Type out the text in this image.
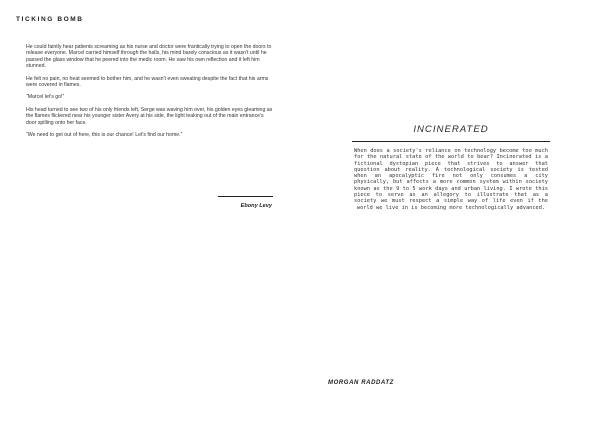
TICKING BOMB

He could faintly hear patients screaming as his nurse and doctor were frantically trying to open the doors to release everyone. Marcel carried himself through the halls, his mind barely conscious as it wasn't until he passed the glass window that he peered into the medic room. He saw his own reflection and it left him stunned.

He felt no pain, no heat seemed to bother him, and he wasn't even sweating despite the fact that his arms were covered in flames.

“Marcel let's go!”

His head turned to see two of his only friends left, Serge was waving him over, his golden eyes gleaming as the flames flickered near his younger sister Avery at his side, the light leaking out of the main entrance's door spilling onto her face.

“We need to get out of here, this is our chance! Let's find our home.”

Ebony Levy
INCINERATED
When does a society's reliance on technology become too much for the natural state of the world to bear? Incinerated is a fictional dystopian piece that strives to answer that question about reality. A technological society is tested when an apocalyptic fire not only consumes a city physically, but affects a more common system within society known as the 9 to 5 work days and urban living. I wrote this piece to serve as an allegory to illustrate that as a society we must respect a simple way of life even if the world we live in is becoming more technologically advanced.
MORGAN RADDATZ
